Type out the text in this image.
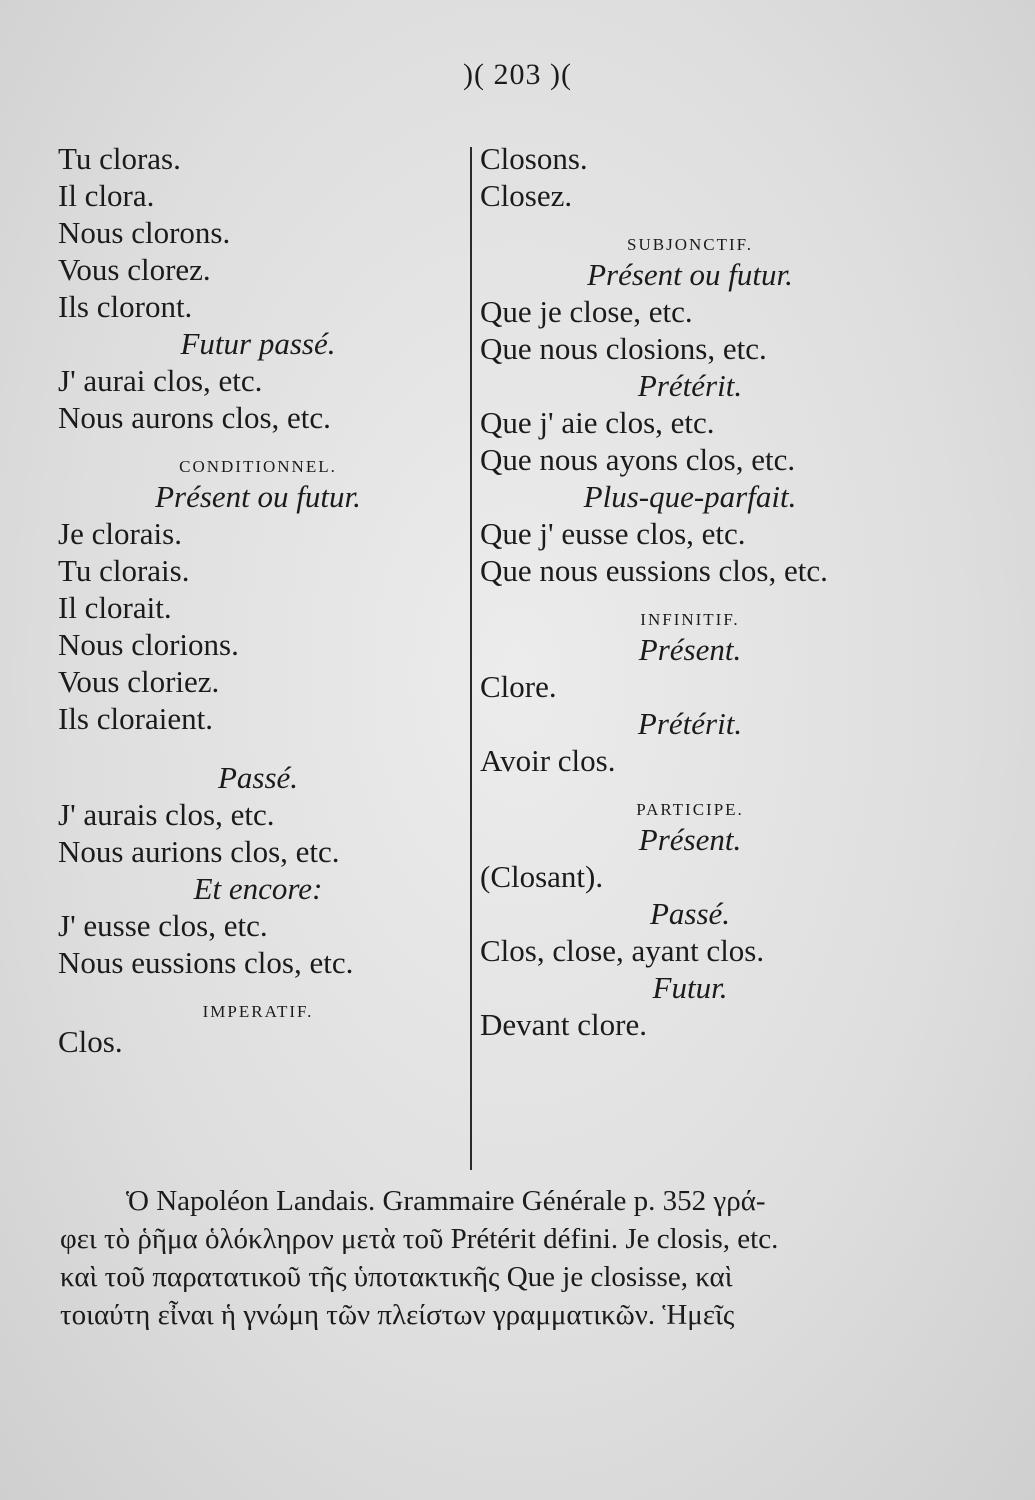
)( 203 )(
Tu cloras.
Il clora.
Nous clorons.
Vous clorez.
Ils cloront.
Futur passé.
J' aurai clos, etc.
Nous aurons clos, etc.
CONDITIONNEL.
Présent ou futur.
Je clorais.
Tu clorais.
Il clorait.
Nous clorions.
Vous cloriez.
Ils cloraient.
Passé.
J' aurais clos, etc.
Nous aurions clos, etc.
Et encore:
J' eusse clos, etc.
Nous eussions clos, etc.
IMPERATIF.
Clos.
Closons.
Closez.
SUBJONCTIF.
Présent ou futur.
Que je close, etc.
Que nous closions, etc.
Prétérit.
Que j' aie clos, etc.
Que nous ayons clos, etc.
Plus-que-parfait.
Que j' eusse clos, etc.
Que nous eussions clos, etc.
INFINITIF.
Présent.
Clore.
Prétérit.
Avoir clos.
PARTICIPE.
Présent.
(Closant).
Passé.
Clos, close, ayant clos.
Futur.
Devant clore.

Ὁ Napoléon Landais. Grammaire Générale p. 352 γρά-

φει τὸ ῥῆμα ὁλόκληρον μετὰ τοῦ Prétérit défini. Je closis, etc.

καὶ τοῦ παρατατικοῦ τῆς ὑποτακτικῆς Que je closisse, καὶ

τοιαύτη εἶναι ἡ γνώμη τῶν πλείστων γραμματικῶν. Ἡμεῖς
